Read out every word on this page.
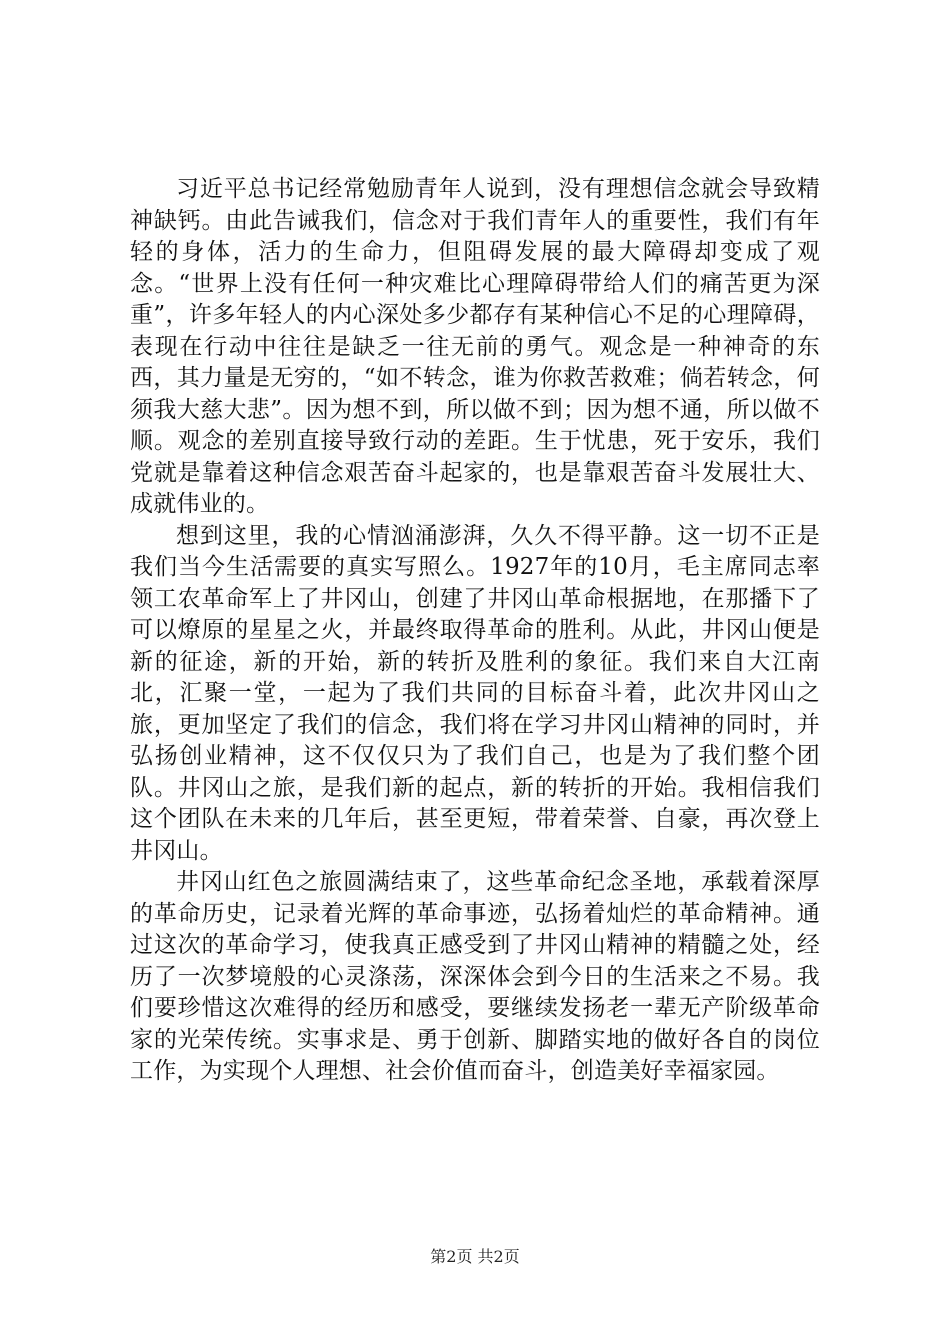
习近平总书记经常勉励青年人说到，没有理想信念就会导致精神缺钙。由此告诫我们，信念对于我们青年人的重要性，我们有年轻的身体，活力的生命力，但阻碍发展的最大障碍却变成了观念。“世界上没有任何一种灾难比心理障碍带给人们的痛苦更为深重”，许多年轻人的内心深处多少都存有某种信心不足的心理障碍，表现在行动中往往是缺乏一往无前的勇气。观念是一种神奇的东西，其力量是无穷的，“如不转念，谁为你救苦救难；倘若转念，何须我大慈大悲”。因为想不到，所以做不到；因为想不通，所以做不顺。观念的差别直接导致行动的差距。生于忧患，死于安乐，我们党就是靠着这种信念艰苦奋斗起家的，也是靠艰苦奋斗发展壮大、成就伟业的。

想到这里，我的心情汹涌澎湃，久久不得平静。这一切不正是我们当今生活需要的真实写照么。1927年的10月，毛主席同志率领工农革命军上了井冈山，创建了井冈山革命根据地，在那播下了可以燎原的星星之火，并最终取得革命的胜利。从此，井冈山便是新的征途，新的开始，新的转折及胜利的象征。我们来自大江南北，汇聚一堂，一起为了我们共同的目标奋斗着，此次井冈山之旅，更加坚定了我们的信念，我们将在学习井冈山精神的同时，并弘扬创业精神，这不仅仅只为了我们自己，也是为了我们整个团队。井冈山之旅，是我们新的起点，新的转折的开始。我相信我们这个团队在未来的几年后，甚至更短，带着荣誉、自豪，再次登上井冈山。

井冈山红色之旅圆满结束了，这些革命纪念圣地，承载着深厚的革命历史，记录着光辉的革命事迹，弘扬着灿烂的革命精神。通过这次的革命学习，使我真正感受到了井冈山精神的精髓之处，经历了一次梦境般的心灵涤荡，深深体会到今日的生活来之不易。我们要珍惜这次难得的经历和感受，要继续发扬老一辈无产阶级革命家的光荣传统。实事求是、勇于创新、脚踏实地的做好各自的岗位工作，为实现个人理想、社会价值而奋斗，创造美好幸福家园。

第2页 共2页
